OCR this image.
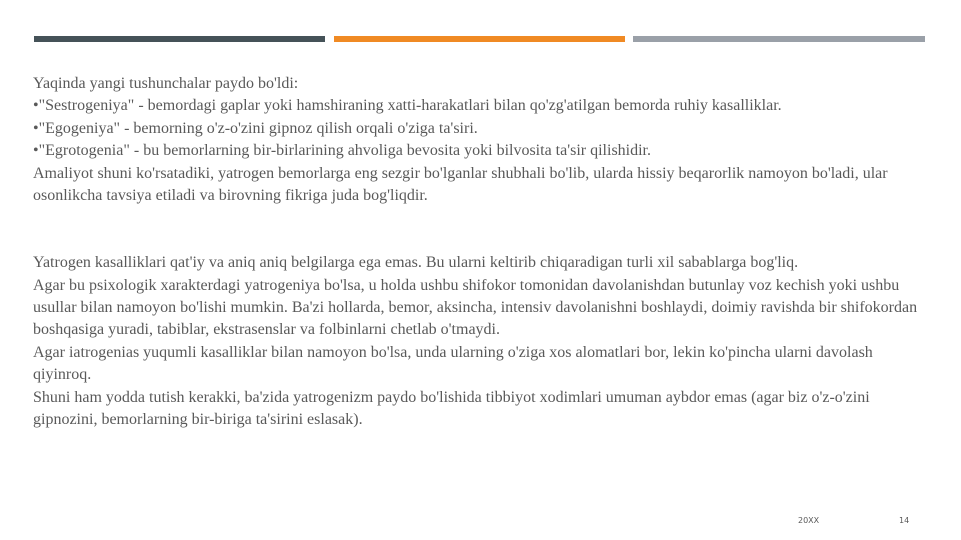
Yaqinda yangi tushunchalar paydo bo'ldi:

•"Sestrogeniya" - bemordagi gaplar yoki hamshiraning xatti-harakatlari bilan qo'zg'atilgan bemorda ruhiy kasalliklar.

•"Egogeniya" - bemorning o'z-o'zini gipnoz qilish orqali o'ziga ta'siri.

•"Egrotogenia" - bu bemorlarning bir-birlarining ahvoliga bevosita yoki bilvosita ta'sir qilishidir.

Amaliyot shuni ko'rsatadiki, yatrogen bemorlarga eng sezgir bo'lganlar shubhali bo'lib, ularda hissiy beqarorlik namoyon bo'ladi, ular osonlikcha tavsiya etiladi va birovning fikriga juda bog'liqdir.

Yatrogen kasalliklari qat'iy va aniq aniq belgilarga ega emas. Bu ularni keltirib chiqaradigan turli xil sabablarga bog'liq.

Agar bu psixologik xarakterdagi yatrogeniya bo'lsa, u holda ushbu shifokor tomonidan davolanishdan butunlay voz kechish yoki ushbu usullar bilan namoyon bo'lishi mumkin. Ba'zi hollarda, bemor, aksincha, intensiv davolanishni boshlaydi, doimiy ravishda bir shifokordan boshqasiga yuradi, tabiblar, ekstrasenslar va folbinlarni chetlab o'tmaydi.

Agar iatrogenias yuqumli kasalliklar bilan namoyon bo'lsa, unda ularning o'ziga xos alomatlari bor, lekin ko'pincha ularni davolash qiyinroq.

Shuni ham yodda tutish kerakki, ba'zida yatrogenizm paydo bo'lishida tibbiyot xodimlari umuman aybdor emas (agar biz o'z-o'zini gipnozini, bemorlarning bir-biriga ta'sirini eslasak).

20XX	14
